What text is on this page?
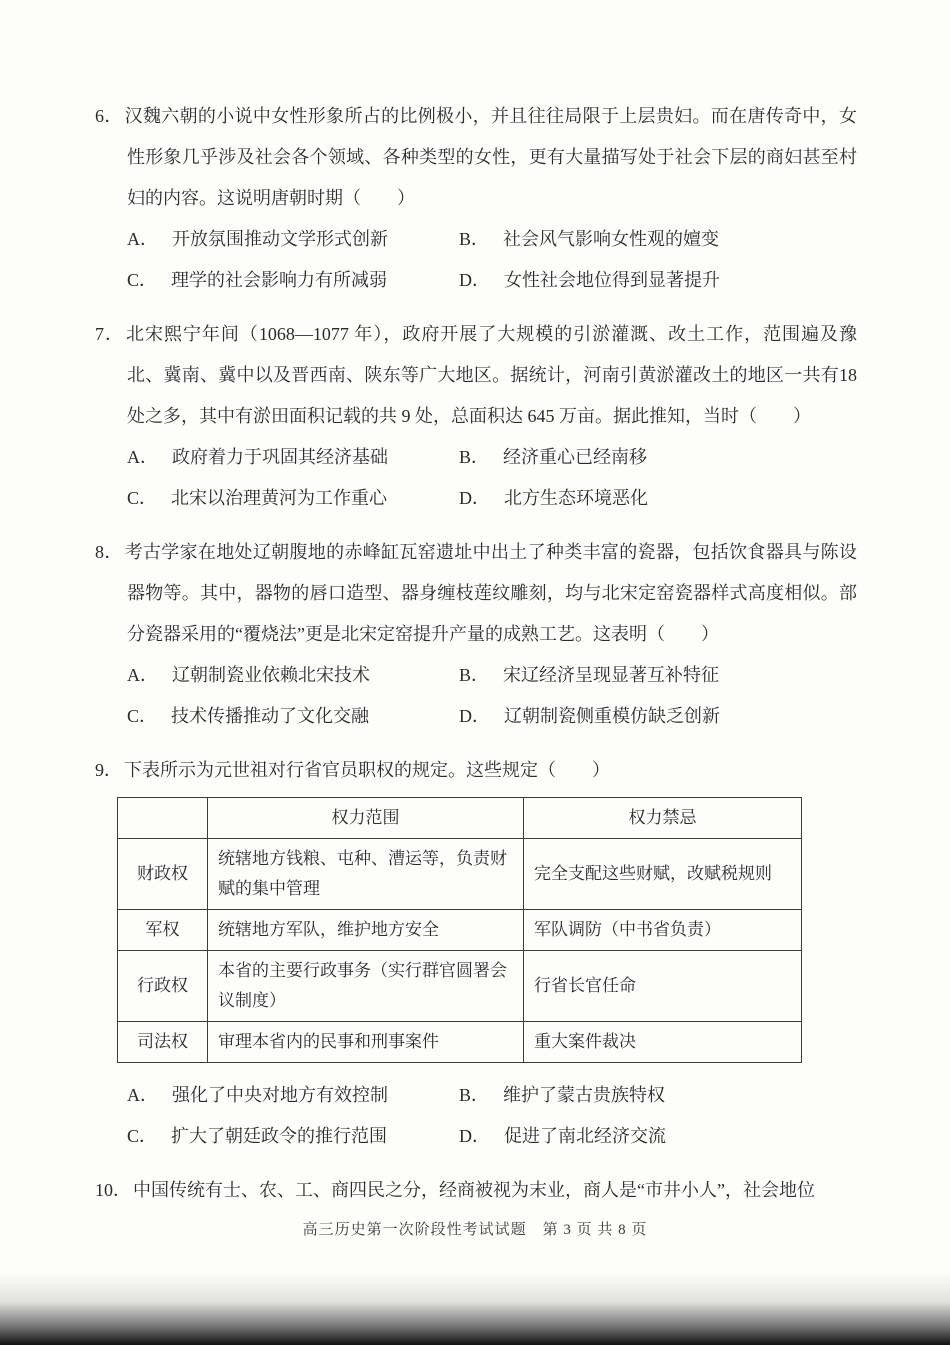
6． 汉魏六朝的小说中女性形象所占的比例极小，并且往往局限于上层贵妇。而在唐传奇中，女性形象几乎涉及社会各个领域、各种类型的女性，更有大量描写处于社会下层的商妇甚至村妇的内容。这说明唐朝时期（　　）

A． 开放氛围推动文学形式创新	B． 社会风气影响女性观的嬗变

C． 理学的社会影响力有所减弱	D． 女性社会地位得到显著提升

7． 北宋熙宁年间（1068—1077 年），政府开展了大规模的引淤灌溉、改土工作，范围遍及豫北、冀南、冀中以及晋西南、陕东等广大地区。据统计，河南引黄淤灌改土的地区一共有18 处之多，其中有淤田面积记载的共 9 处，总面积达 645 万亩。据此推知，当时（　　）

A． 政府着力于巩固其经济基础	B． 经济重心已经南移

C． 北宋以治理黄河为工作重心	D． 北方生态环境恶化

8． 考古学家在地处辽朝腹地的赤峰缸瓦窑遗址中出土了种类丰富的瓷器，包括饮食器具与陈设器物等。其中，器物的唇口造型、器身缠枝莲纹雕刻，均与北宋定窑瓷器样式高度相似。部分瓷器采用的“覆烧法”更是北宋定窑提升产量的成熟工艺。这表明（　　）

A． 辽朝制瓷业依赖北宋技术	B． 宋辽经济呈现显著互补特征

C． 技术传播推动了文化交融	D． 辽朝制瓷侧重模仿缺乏创新

9． 下表所示为元世祖对行省官员职权的规定。这些规定（　　）

	权力范围	权力禁忌
财政权	统辖地方钱粮、屯种、漕运等，负责财赋的集中管理	完全支配这些财赋，改赋税规则
军权	统辖地方军队，维护地方安全	军队调防（中书省负责）
行政权	本省的主要行政事务（实行群官圆署会议制度）	行省长官任命
司法权	审理本省内的民事和刑事案件	重大案件裁决

A． 强化了中央对地方有效控制	B． 维护了蒙古贵族特权

C． 扩大了朝廷政令的推行范围	D． 促进了南北经济交流

10． 中国传统有士、农、工、商四民之分，经商被视为末业，商人是“市井小人”，社会地位

高三历史第一次阶段性考试试题　第 3 页 共 8 页
